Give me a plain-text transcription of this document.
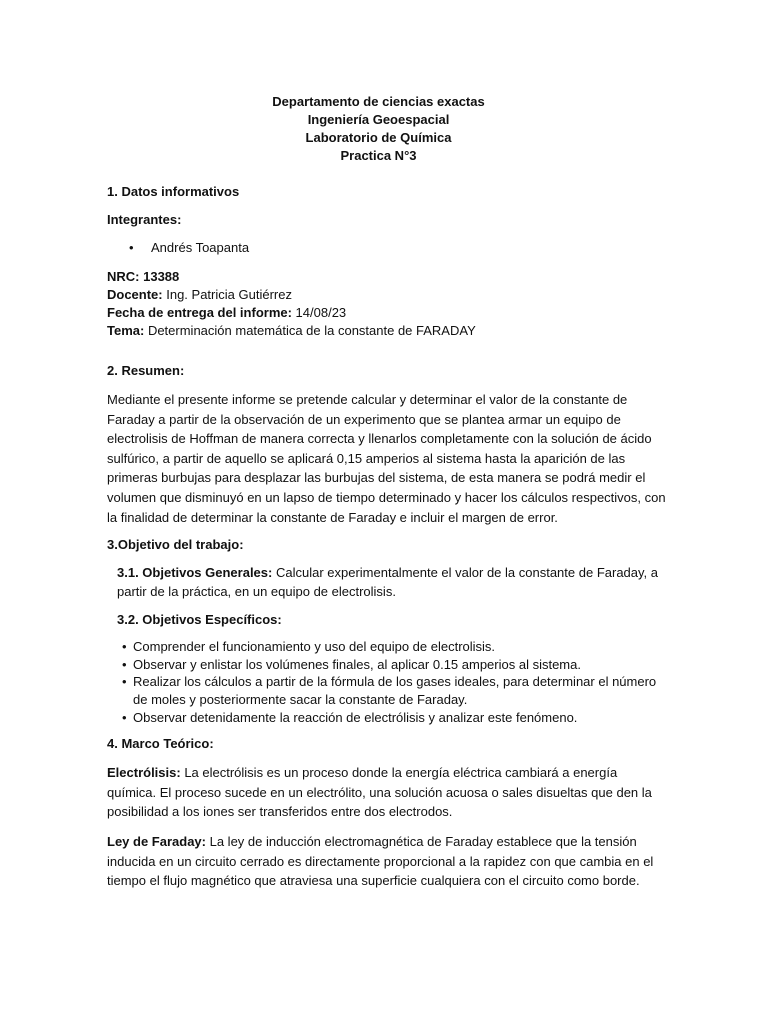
Departamento de ciencias exactas
Ingeniería Geoespacial
Laboratorio de Química
Practica N°3
1. Datos informativos
Integrantes:
• Andrés Toapanta
NRC: 13388
Docente: Ing. Patricia Gutiérrez
Fecha de entrega del informe: 14/08/23
Tema: Determinación matemática de la constante de FARADAY
2. Resumen:

Mediante el presente informe se pretende calcular y determinar el valor de la constante de Faraday a partir de la observación de un experimento que se plantea armar un equipo de electrolisis de Hoffman de manera correcta y llenarlos completamente con la solución de ácido sulfúrico, a partir de aquello se aplicará 0,15 amperios al sistema hasta la aparición de las primeras burbujas para desplazar las burbujas del sistema, de esta manera se podrá medir el volumen que disminuyó en un lapso de tiempo determinado y hacer los cálculos respectivos, con la finalidad de determinar la constante de Faraday e incluir el margen de error.

3.Objetivo del trabajo:

3.1. Objetivos Generales: Calcular experimentalmente el valor de la constante de Faraday, a partir de la práctica, en un equipo de electrolisis.

3.2. Objetivos Específicos:
• Comprender el funcionamiento y uso del equipo de electrolisis.
• Observar y enlistar los volúmenes finales, al aplicar 0.15 amperios al sistema.
• Realizar los cálculos a partir de la fórmula de los gases ideales, para determinar el número de moles y posteriormente sacar la constante de Faraday.
• Observar detenidamente la reacción de electrólisis y analizar este fenómeno.
4. Marco Teórico:

Electrólisis: La electrólisis es un proceso donde la energía eléctrica cambiará a energía química. El proceso sucede en un electrólito, una solución acuosa o sales disueltas que den la posibilidad a los iones ser transferidos entre dos electrodos.

Ley de Faraday: La ley de inducción electromagnética de Faraday establece que la tensión inducida en un circuito cerrado es directamente proporcional a la rapidez con que cambia en el tiempo el flujo magnético que atraviesa una superficie cualquiera con el circuito como borde.
